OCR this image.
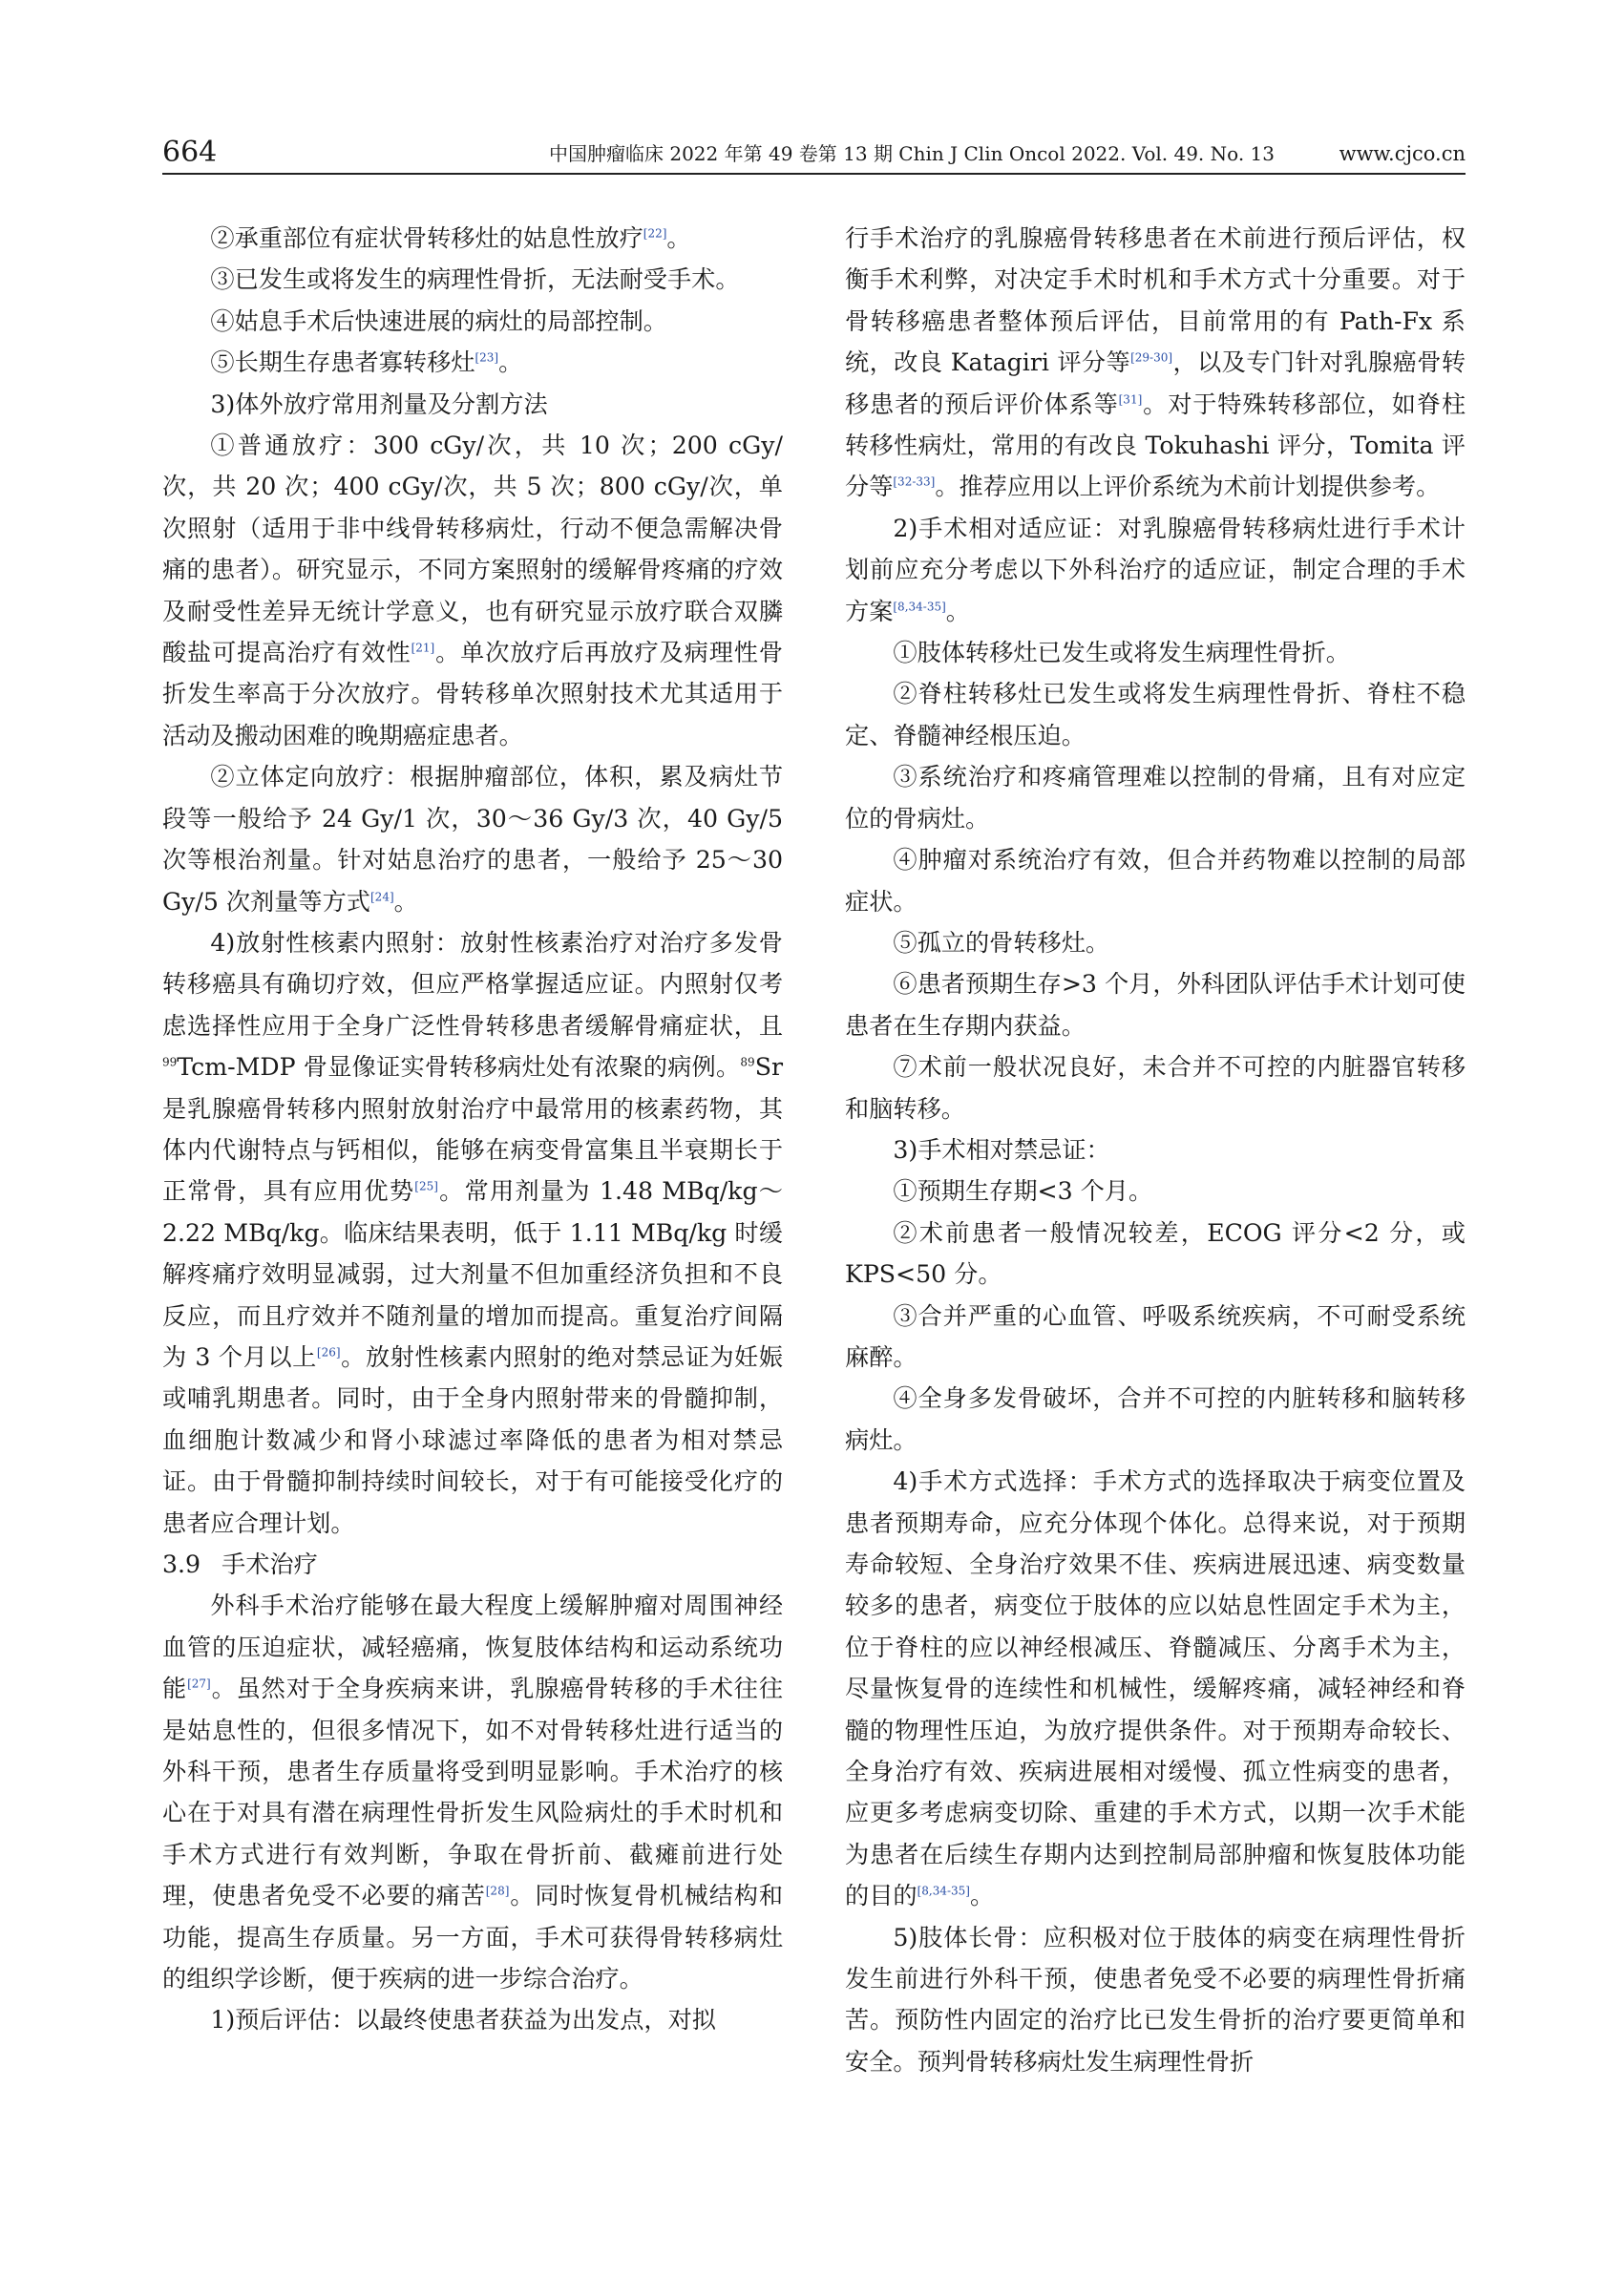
664	中国肿瘤临床 2022 年第 49 卷第 13 期 Chin J Clin Oncol 2022. Vol. 49. No. 13	www.cjco.cn

②承重部位有症状骨转移灶的姑息性放疗[22]。

③已发生或将发生的病理性骨折，无法耐受手术。

④姑息手术后快速进展的病灶的局部控制。

⑤长期生存患者寡转移灶[23]。

3)体外放疗常用剂量及分割方法

①普通放疗：300 cGy/次，共 10 次；200 cGy/次，共 20 次；400 cGy/次，共 5 次；800 cGy/次，单次照射（适用于非中线骨转移病灶，行动不便急需解决骨痛的患者）。研究显示，不同方案照射的缓解骨疼痛的疗效及耐受性差异无统计学意义，也有研究显示放疗联合双膦酸盐可提高治疗有效性[21]。单次放疗后再放疗及病理性骨折发生率高于分次放疗。骨转移单次照射技术尤其适用于活动及搬动困难的晚期癌症患者。

②立体定向放疗：根据肿瘤部位，体积，累及病灶节段等一般给予 24 Gy/1 次，30～36 Gy/3 次，40 Gy/5 次等根治剂量。针对姑息治疗的患者，一般给予 25～30 Gy/5 次剂量等方式[24]。

4)放射性核素内照射：放射性核素治疗对治疗多发骨转移癌具有确切疗效，但应严格掌握适应证。内照射仅考虑选择性应用于全身广泛性骨转移患者缓解骨痛症状，且$^{99}$Tcm-MDP 骨显像证实骨转移病灶处有浓聚的病例。$^{89}$Sr 是乳腺癌骨转移内照射放射治疗中最常用的核素药物，其体内代谢特点与钙相似，能够在病变骨富集且半衰期长于正常骨，具有应用优势[25]。常用剂量为 1.48 MBq/kg～2.22 MBq/kg。临床结果表明，低于 1.11 MBq/kg 时缓解疼痛疗效明显减弱，过大剂量不但加重经济负担和不良反应，而且疗效并不随剂量的增加而提高。重复治疗间隔为 3 个月以上[26]。放射性核素内照射的绝对禁忌证为妊娠或哺乳期患者。同时，由于全身内照射带来的骨髓抑制，血细胞计数减少和肾小球滤过率降低的患者为相对禁忌证。由于骨髓抑制持续时间较长，对于有可能接受化疗的患者应合理计划。

3.9 手术治疗

外科手术治疗能够在最大程度上缓解肿瘤对周围神经血管的压迫症状，减轻癌痛，恢复肢体结构和运动系统功能[27]。虽然对于全身疾病来讲，乳腺癌骨转移的手术往往是姑息性的，但很多情况下，如不对骨转移灶进行适当的外科干预，患者生存质量将受到明显影响。手术治疗的核心在于对具有潜在病理性骨折发生风险病灶的手术时机和手术方式进行有效判断，争取在骨折前、截瘫前进行处理，使患者免受不必要的痛苦[28]。同时恢复骨机械结构和功能，提高生存质量。另一方面，手术可获得骨转移病灶的组织学诊断，便于疾病的进一步综合治疗。

1)预后评估：以最终使患者获益为出发点，对拟

行手术治疗的乳腺癌骨转移患者在术前进行预后评估，权衡手术利弊，对决定手术时机和手术方式十分重要。对于骨转移癌患者整体预后评估，目前常用的有 Path-Fx 系统，改良 Katagiri 评分等[29-30]，以及专门针对乳腺癌骨转移患者的预后评价体系等[31]。对于特殊转移部位，如脊柱转移性病灶，常用的有改良 Tokuhashi 评分，Tomita 评分等[32-33]。推荐应用以上评价系统为术前计划提供参考。

2)手术相对适应证：对乳腺癌骨转移病灶进行手术计划前应充分考虑以下外科治疗的适应证，制定合理的手术方案[8,34-35]。

①肢体转移灶已发生或将发生病理性骨折。

②脊柱转移灶已发生或将发生病理性骨折、脊柱不稳定、脊髓神经根压迫。

③系统治疗和疼痛管理难以控制的骨痛，且有对应定位的骨病灶。

④肿瘤对系统治疗有效，但合并药物难以控制的局部症状。

⑤孤立的骨转移灶。

⑥患者预期生存>3 个月，外科团队评估手术计划可使患者在生存期内获益。

⑦术前一般状况良好，未合并不可控的内脏器官转移和脑转移。

3)手术相对禁忌证：

①预期生存期<3 个月。

②术前患者一般情况较差，ECOG 评分<2 分，或 KPS<50 分。

③合并严重的心血管、呼吸系统疾病，不可耐受系统麻醉。

④全身多发骨破坏，合并不可控的内脏转移和脑转移病灶。

4)手术方式选择：手术方式的选择取决于病变位置及患者预期寿命，应充分体现个体化。总得来说，对于预期寿命较短、全身治疗效果不佳、疾病进展迅速、病变数量较多的患者，病变位于肢体的应以姑息性固定手术为主，位于脊柱的应以神经根减压、脊髓减压、分离手术为主，尽量恢复骨的连续性和机械性，缓解疼痛，减轻神经和脊髓的物理性压迫，为放疗提供条件。对于预期寿命较长、全身治疗有效、疾病进展相对缓慢、孤立性病变的患者，应更多考虑病变切除、重建的手术方式，以期一次手术能为患者在后续生存期内达到控制局部肿瘤和恢复肢体功能的目的[8,34-35]。

5)肢体长骨：应积极对位于肢体的病变在病理性骨折发生前进行外科干预，使患者免受不必要的病理性骨折痛苦。预防性内固定的治疗比已发生骨折的治疗要更简单和安全。预判骨转移病灶发生病理性骨折
